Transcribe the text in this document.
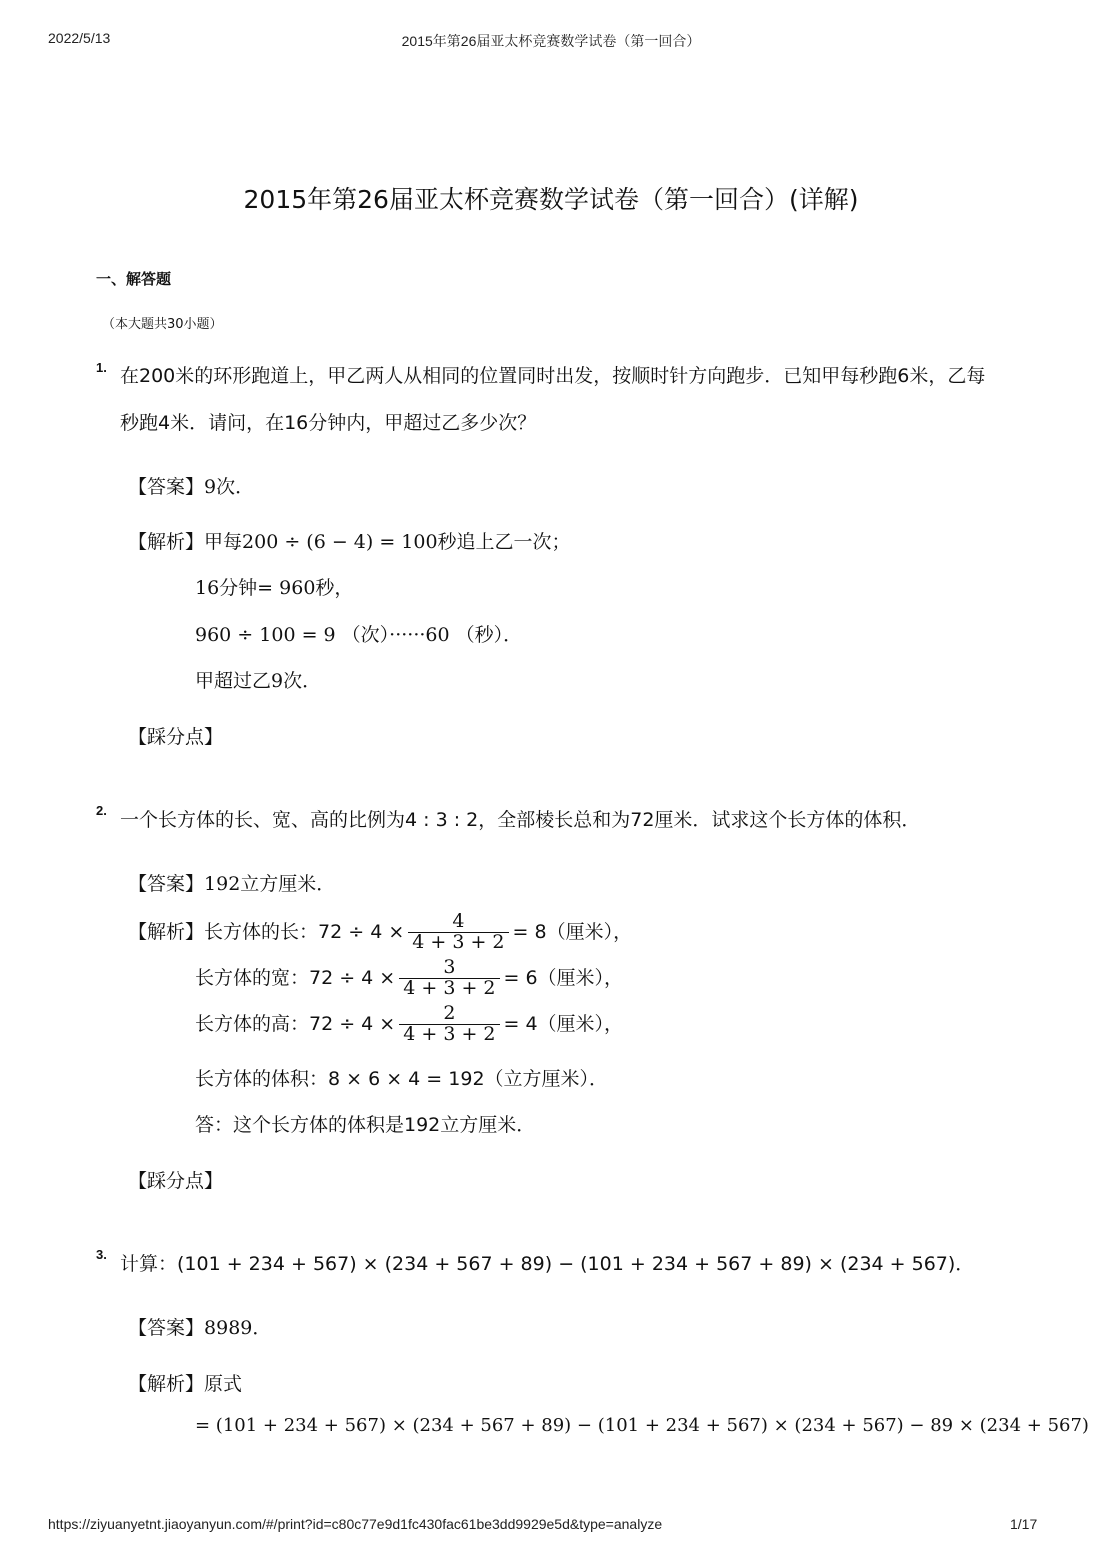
2022/5/13	2015年第26届亚太杯竞赛数学试卷（第一回合）
2015年第26届亚太杯竞赛数学试卷（第一回合）(详解)
一、解答题
（本大题共30小题）
1. 在200米的环形跑道上，甲乙两人从相同的位置同时出发，按顺时针方向跑步．已知甲每秒跑6米，乙每
秒跑4米．请问，在16分钟内，甲超过乙多少次？
【答案】9次．
【解析】甲每200 ÷ (6 − 4) = 100秒追上乙一次；
16分钟= 960秒，
960 ÷ 100 = 9 （次）······60 （秒）．
甲超过乙9次．
【踩分点】
2. 一个长方体的长、宽、高的比例为4 : 3 : 2，全部棱长总和为72厘米．试求这个长方体的体积．
【答案】192立方厘米．
【解析】长方体的长：$72 \div 4 \times \frac{4}{4 + 3 + 2} = 8$（厘米），
长方体的宽：$72 \div 4 \times \frac{3}{4 + 3 + 2} = 6$（厘米），
长方体的高：$72 \div 4 \times \frac{2}{4 + 3 + 2} = 4$（厘米），
长方体的体积：8 × 6 × 4 = 192（立方厘米）．
答：这个长方体的体积是192立方厘米．
【踩分点】
3. 计算：(101 + 234 + 567) × (234 + 567 + 89) − (101 + 234 + 567 + 89) × (234 + 567)．
【答案】8989．
【解析】原式
= (101 + 234 + 567) × (234 + 567 + 89) − (101 + 234 + 567) × (234 + 567) − 89 × (234 + 567)
https://ziyuanyetnt.jiaoyanyun.com/#/print?id=c80c77e9d1fc430fac61be3dd9929e5d&type=analyze	1/17
